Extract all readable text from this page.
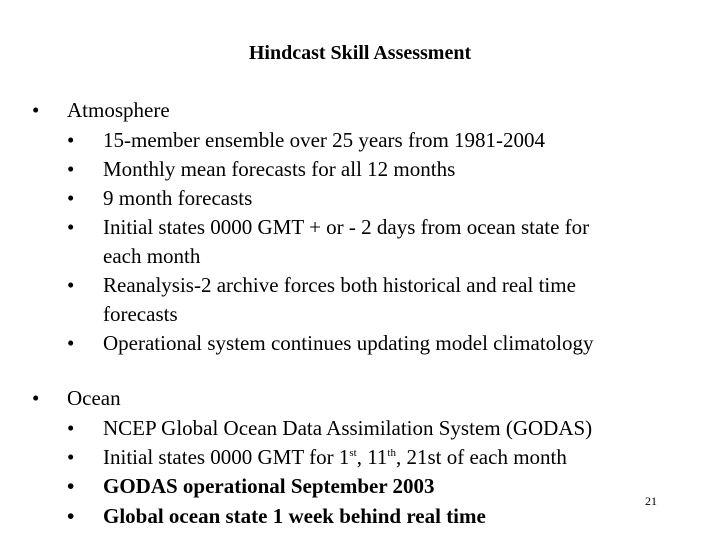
Hindcast Skill Assessment
• Atmosphere
•	15-member ensemble over 25 years from 1981-2004
•	Monthly mean forecasts for all 12 months
•	9 month forecasts
•	Initial states 0000 GMT + or - 2 days from ocean state for
each month
•	Reanalysis-2 archive forces both historical and real time
forecasts
•	Operational system continues updating model climatology
• Ocean
•	NCEP Global Ocean Data Assimilation System (GODAS)
•	Initial states 0000 GMT for 1st, 11th, 21st of each month
•	GODAS operational September 2003
•	Global ocean state 1 week behind real time
21
